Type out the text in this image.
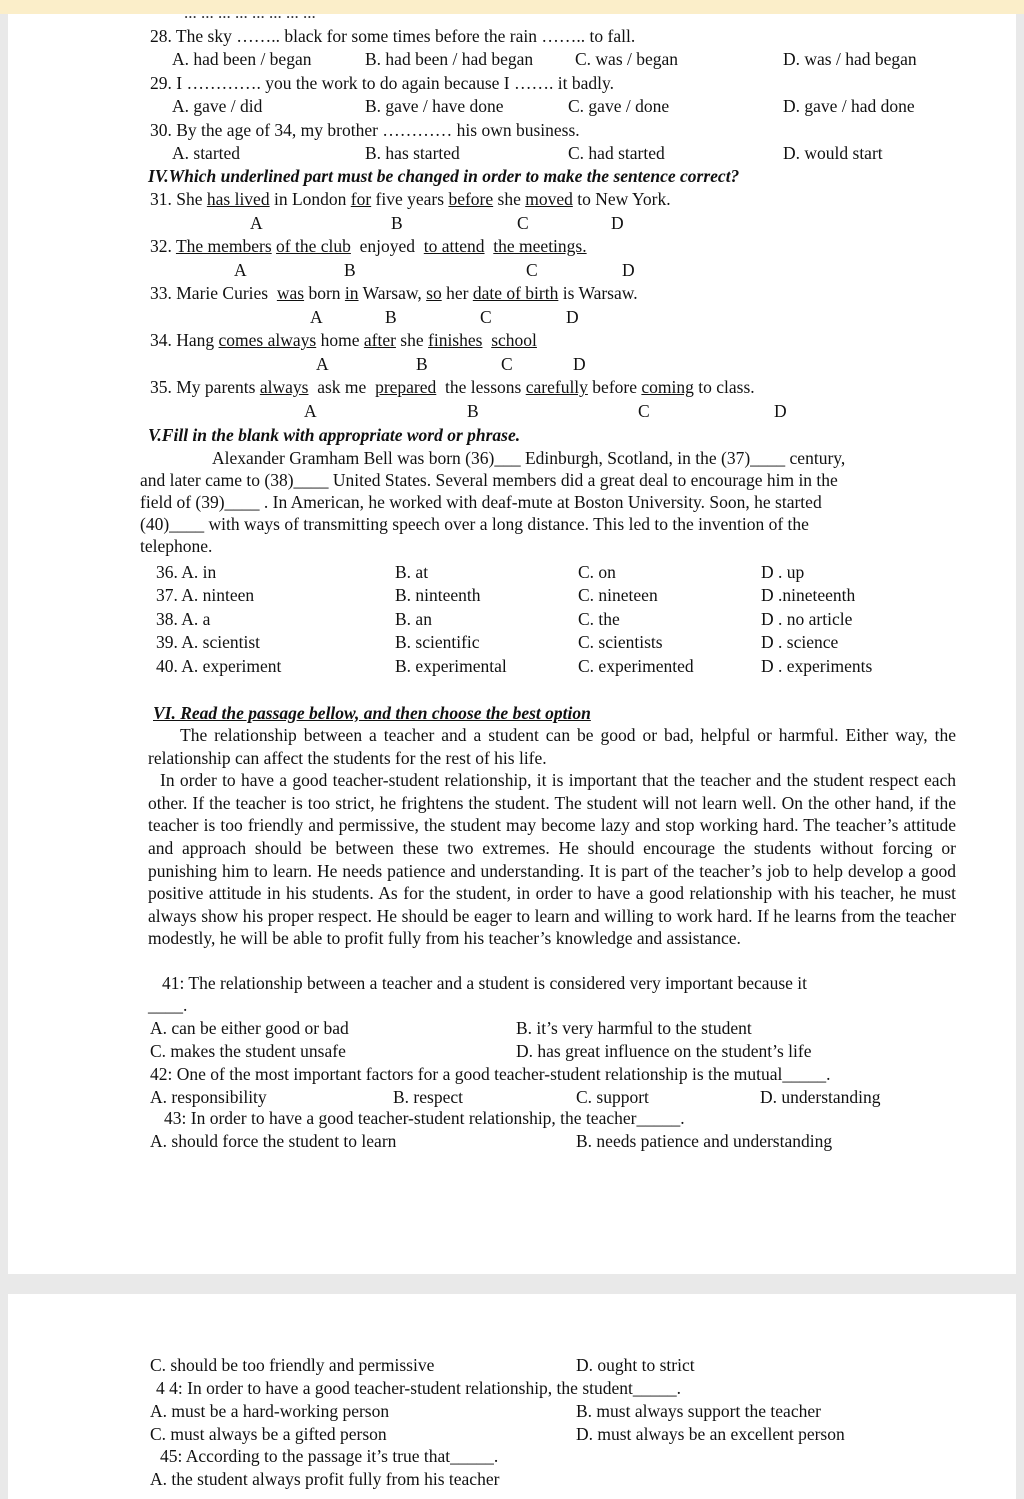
... ... ... ... ... ... ... ...
28. The sky …….. black for some times before the rain …….. to fall.
A. had been / began	B. had been / had began C. was / began	D. was / had began
29. I …………. you the work to do again because I ……. it badly.
A. gave / did	B. gave / have done	C. gave / done	D. gave / had done
30. By the age of 34, my brother ………… his own business.
A. started	B. has started	C. had started	D. would start
IV.Which underlined part must be changed in order to make the sentence correct?
31. She has lived in London for five years before she moved to New York.
A	B	C	D
32. The members of the club enjoyed to attend the meetings.
A	B	C	D
33. Marie Curies was born in Warsaw, so her date of birth is Warsaw.
A	B	C	D
34. Hang comes always home after she finishes school
A	B	C	D
35. My parents always ask me prepared the lessons carefully before coming to class.
A	B	C	D
V.Fill in the blank with appropriate word or phrase.
Alexander Gramham Bell was born (36)___ Edinburgh, Scotland, in the (37)____ century,
and later came to (38)____ United States. Several members did a great deal to encourage him in the
field of (39)____ . In American, he worked with deaf-mute at Boston University. Soon, he started
(40)____ with ways of transmitting speech over a long distance. This led to the invention of the
telephone.
36. A. in	B. at	C. on	D . up
37. A. ninteen	B. ninteenth	C. nineteen	D .nineteenth
38. A. a	B. an	C. the	D . no article
39. A. scientist	B. scientific	C. scientists	D . science
40. A. experiment	B. experimental	C. experimented	D . experiments
VI. Read the passage bellow, and then choose the best option

The relationship between a teacher and a student can be good or bad, helpful or harmful. Either way, the relationship can affect the students for the rest of his life.

In order to have a good teacher-student relationship, it is important that the teacher and the student respect each other. If the teacher is too strict, he frightens the student. The student will not learn well. On the other hand, if the teacher is too friendly and permissive, the student may become lazy and stop working hard. The teacher’s attitude and approach should be between these two extremes. He should encourage the students without forcing or punishing him to learn. He needs patience and understanding. It is part of the teacher’s job to help develop a good positive attitude in his students. As for the student, in order to have a good relationship with his teacher, he must always show his proper respect. He should be eager to learn and willing to work hard. If he learns from the teacher modestly, he will be able to profit fully from his teacher’s knowledge and assistance.

41: The relationship between a teacher and a student is considered very important because it
____.
A. can be either good or bad	B. it’s very harmful to the student
C. makes the student unsafe	D. has great influence on the student’s life
42: One of the most important factors for a good teacher-student relationship is the mutual_____.
A. responsibility	B. respect	C. support	D. understanding
43: In order to have a good teacher-student relationship, the teacher_____.
A. should force the student to learn	B. needs patience and understanding
C. should be too friendly and permissive	D. ought to strict
4 4: In order to have a good teacher-student relationship, the student_____.
A. must be a hard-working person	B. must always support the teacher
C. must always be a gifted person	D. must always be an excellent person
45: According to the passage it’s true that_____.
A. the student always profit fully from his teacher
